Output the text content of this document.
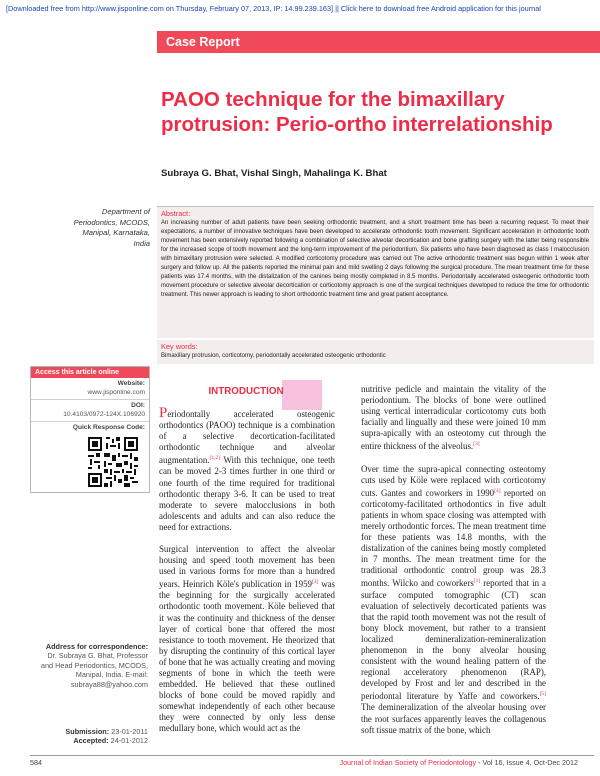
[Downloaded free from http://www.jisponline.com on Thursday, February 07, 2013, IP: 14.99.239.163] || Click here to download free Android application for this journal
Case Report
PAOO technique for the bimaxillary protrusion: Perio-ortho interrelationship
Subraya G. Bhat, Vishal Singh, Mahalinga K. Bhat
Department of Periodontics, MCODS, Manipal, Karnataka, India

Abstract:

An increasing number of adult patients have been seeking orthodontic treatment, and a short treatment time has been a recurring request. To meet their expectations, a number of innovative techniques have been developed to accelerate orthodontic tooth movement. Significant acceleration in orthodontic tooth movement has been extensively reported following a combination of selective alveolar decortication and bone grafting surgery with the latter being responsible for the increased scope of tooth movement and the long-term improvement of the periodontium. Six patients who have been diagnosed as class I malocclusion with bimaxillary protrusion were selected. A modified corticotomy procedure was carried out The active orthodontic treatment was begun within 1 week after surgery and follow up. All the patients reported the minimal pain and mild swelling 2 days following the surgical procedure. The mean treatment time for these patients was 17.4 months, with the distalization of the canines being mostly completed in 8.5 months. Periodontally accelerated osteogenic orthodontic tooth movement procedure or selective alveolar decortication or corticotomy approach is one of the surgical techniques developed to reduce the time for orthodontic treatment. This newer approach is leading to short orthodontic treatment time and great patient acceptance.

Key words:

Bimaxillary protrusion, corticotomy, periodontally accelerated osteogenic orthodontic

Access this article online
Website:
www.jisponline.com
DOI:
10.4103/0972-124X.106920
Quick Response Code:
INTRODUCTION

Periodontally accelerated osteogenic orthodontics (PAOO) technique is a combination of a selective decortication-facilitated orthodontic technique and alveolar augmentation.[1,2] With this technique, one teeth can be moved 2-3 times further in one third or one fourth of the time required for traditional orthodontic therapy 3-6. It can be used to treat moderate to severe malocclusions in both adolescents and adults and can also reduce the need for extractions.

Surgical intervention to affect the alveolar housing and speed tooth movement has been used in various forms for more than a hundred years. Heinrich Köle's publication in 1959[3] was the beginning for the surgically accelerated orthodontic tooth movement. Köle believed that it was the continuity and thickness of the denser layer of cortical bone that offered the most resistance to tooth movement. He theorized that by disrupting the continuity of this cortical layer of bone that he was actually creating and moving segments of bone in which the teeth were embedded. He believed that these outlined blocks of bone could be moved rapidly and somewhat independently of each other because they were connected by only less dense medullary bone, which would act as the

nutritive pedicle and maintain the vitality of the periodontium. The blocks of bone were outlined using vertical interradicular corticotomy cuts both facially and lingually and these were joined 10 mm supra-apically with an osteotomy cut through the entire thickness of the alveolus.[3]

Over time the supra-apical connecting osteotomy cuts used by Köle were replaced with corticotomy cuts. Gantes and coworkers in 1990[4] reported on corticotomy-facilitated orthodontics in five adult patients in whom space closing was attempted with merely orthodontic forces. The mean treatment time for these patients was 14.8 months, with the distalization of the canines being mostly completed in 7 months. The mean treatment time for the traditional orthodontic control group was 28.3 months. Wilcko and coworkers[1] reported that in a surface computed tomographic (CT) scan evaluation of selectively decorticated patients was that the rapid tooth movement was not the result of bony block movement, but rather to a transient localized demineralization-remineralization phenomenon in the bony alveolar housing consistent with the wound healing pattern of the regional acceleratory phenomenon (RAP), developed by Frost and ler and described in the periodontal literature by Yaffe and coworkers.[5] The demineralization of the alveolar housing over the root surfaces apparently leaves the collagenous soft tissue matrix of the bone, which

Address for correspondence:
Dr. Subraya G. Bhat, Professor and Head Periodontics, MCODS, Manipal, India. E-mail: subraya88@yahoo.com
Submission: 23-01-2011
Accepted: 24-01-2012
584	Journal of Indian Society of Periodontology - Vol 16, Issue 4, Oct-Dec 2012
